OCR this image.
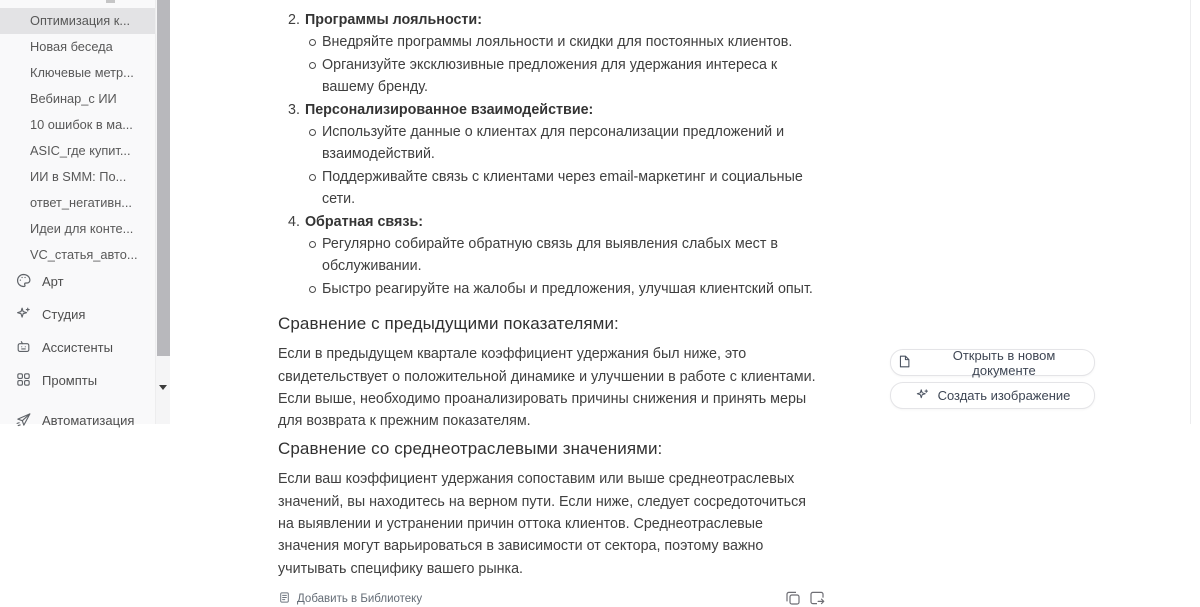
Оптимизация к...
Новая беседа
Ключевые метр...
Вебинар_с ИИ
10 ошибок в ма...
ASIC_где купит...
ИИ в SMM: По...
ответ_негативн...
Идеи для конте...
VC_статья_авто...
Арт
Студия
Ассистенты
Промпты
Автоматизация
2. Программы лояльности:
Внедряйте программы лояльности и скидки для постоянных клиентов.
Организуйте эксклюзивные предложения для удержания интереса к вашему бренду.
3. Персонализированное взаимодействие:
Используйте данные о клиентах для персонализации предложений и взаимодействий.
Поддерживайте связь с клиентами через email-маркетинг и социальные сети.
4. Обратная связь:
Регулярно собирайте обратную связь для выявления слабых мест в обслуживании.
Быстро реагируйте на жалобы и предложения, улучшая клиентский опыт.
Сравнение с предыдущими показателями:

Если в предыдущем квартале коэффициент удержания был ниже, это свидетельствует о положительной динамике и улучшении в работе с клиентами. Если выше, необходимо проанализировать причины снижения и принять меры для возврата к прежним показателям.

Сравнение со среднеотраслевыми значениями:

Если ваш коэффициент удержания сопоставим или выше среднеотраслевых значений, вы находитесь на верном пути. Если ниже, следует сосредоточиться на выявлении и устранении причин оттока клиентов. Среднеотраслевые значения могут варьироваться в зависимости от сектора, поэтому важно учитывать специфику вашего рынка.

Добавить в Библиотеку
Открыть в новом документе
Создать изображение
